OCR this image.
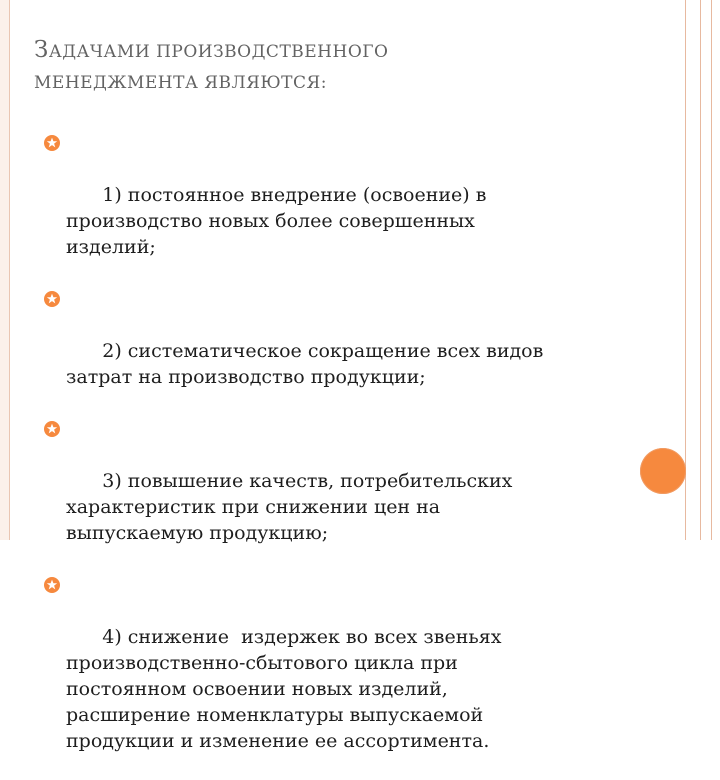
ЗАДАЧАМИ ПРОИЗВОДСТВЕННОГО
МЕНЕДЖМЕНТА ЯВЛЯЮТСЯ:

1) постоянное внедрение (освоение) в
производство новых более совершенных
изделий;

2) систематическое сокращение всех видов
затрат на производство продукции;

3) повышение качеств, потребительских
характеристик при снижении цен на
выпускаемую продукцию;

4) снижение  издержек во всех звеньях
производственно-сбытового цикла при
постоянном освоении новых изделий,
расширение номенклатуры выпускаемой
продукции и изменение ее ассортимента.
